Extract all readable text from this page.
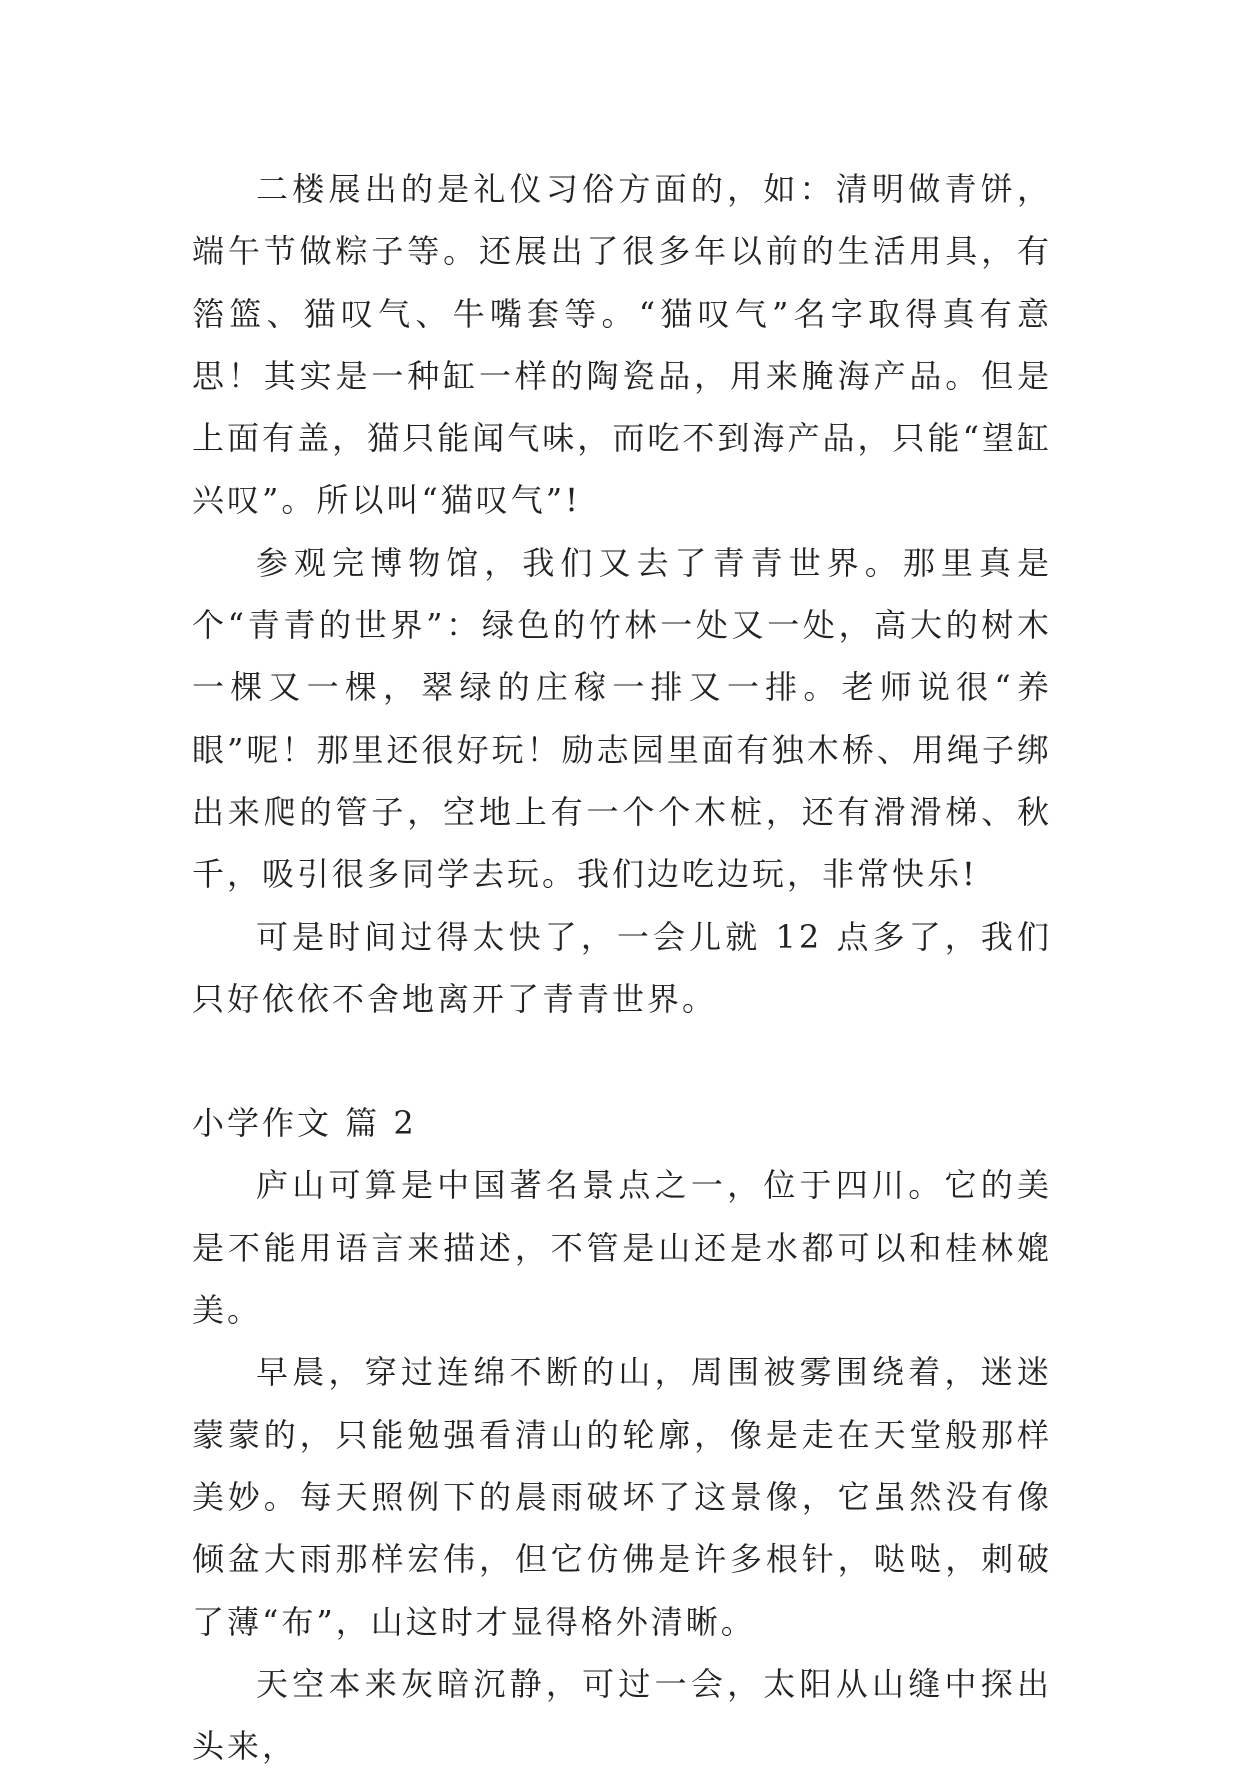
二楼展出的是礼仪习俗方面的，如：清明做青饼，端午节做粽子等。还展出了很多年以前的生活用具，有箈篮、猫叹气、牛嘴套等。“猫叹气”名字取得真有意思！其实是一种缸一样的陶瓷品，用来腌海产品。但是上面有盖，猫只能闻气味，而吃不到海产品，只能“望缸兴叹”。所以叫“猫叹气”!

参观完博物馆，我们又去了青青世界。那里真是个“青青的世界”：绿色的竹林一处又一处，高大的树木一棵又一棵，翠绿的庄稼一排又一排。老师说很“养眼”呢！那里还很好玩！励志园里面有独木桥、用绳子绑出来爬的管子，空地上有一个个木桩，还有滑滑梯、秋千，吸引很多同学去玩。我们边吃边玩，非常快乐!

可是时间过得太快了，一会儿就 12 点多了，我们只好依依不舍地离开了青青世界。

小学作文 篇 2

庐山可算是中国著名景点之一，位于四川。它的美是不能用语言来描述，不管是山还是水都可以和桂林媲美。

早晨，穿过连绵不断的山，周围被雾围绕着，迷迷蒙蒙的，只能勉强看清山的轮廓，像是走在天堂般那样美妙。每天照例下的晨雨破坏了这景像，它虽然没有像倾盆大雨那样宏伟，但它仿佛是许多根针，哒哒，刺破了薄“布”，山这时才显得格外清晰。

天空本来灰暗沉静，可过一会，太阳从山缝中探出头来，
